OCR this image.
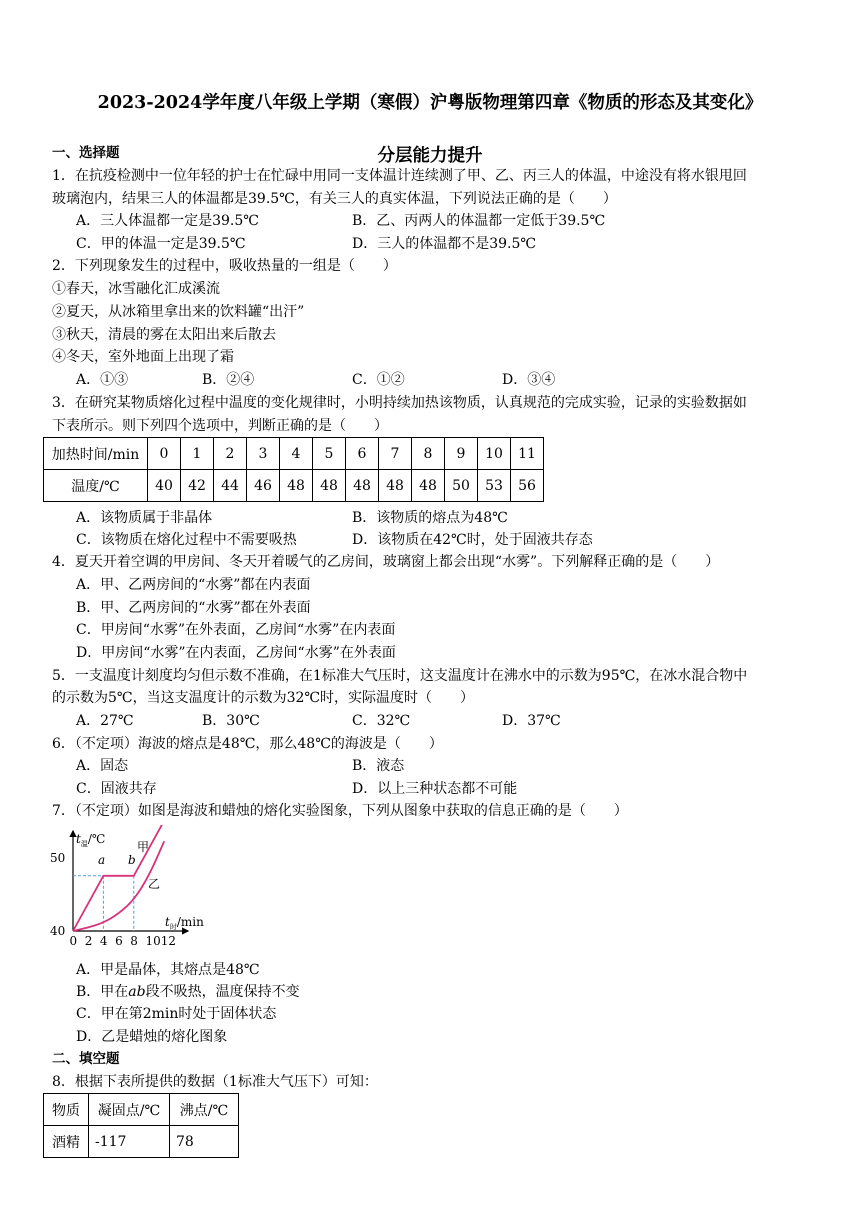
2023-2024学年度八年级上学期（寒假）沪粤版物理第四章《物质的形态及其变化》
分层能力提升
一、选择题
1．在抗疫检测中一位年轻的护士在忙碌中用同一支体温计连续测了甲、乙、丙三人的体温，中途没有将水银甩回
玻璃泡内，结果三人的体温都是39.5℃，有关三人的真实体温，下列说法正确的是（　　）
A．三人体温都一定是39.5℃	B．乙、丙两人的体温都一定低于39.5℃
C．甲的体温一定是39.5℃	D．三人的体温都不是39.5℃
2．下列现象发生的过程中，吸收热量的一组是（　　）
①春天，冰雪融化汇成溪流
②夏天，从冰箱里拿出来的饮料罐“出汗”
③秋天，清晨的雾在太阳出来后散去
④冬天，室外地面上出现了霜
A．①③	B．②④	C．①②	D．③④
3．在研究某物质熔化过程中温度的变化规律时，小明持续加热该物质，认真规范的完成实验，记录的实验数据如
下表所示。则下列四个选项中，判断正确的是（　　）
加热时间/min	0	1	2	3	4	5	6	7	8	9	10	11
温度/℃	40	42	44	46	48	48	48	48	48	50	53	56
A．该物质属于非晶体	B．该物质的熔点为48℃
C．该物质在熔化过程中不需要吸热	D．该物质在42℃时，处于固液共存态
4．夏天开着空调的甲房间、冬天开着暖气的乙房间，玻璃窗上都会出现“水雾”。下列解释正确的是（　　）
A．甲、乙两房间的“水雾”都在内表面
B．甲、乙两房间的“水雾”都在外表面
C．甲房间“水雾”在外表面，乙房间“水雾”在内表面
D．甲房间“水雾”在内表面，乙房间“水雾”在外表面
5．一支温度计刻度均匀但示数不准确，在1标准大气压时，这支温度计在沸水中的示数为95℃，在冰水混合物中
的示数为5℃，当这支温度计的示数为32℃时，实际温度时（　　）
A．27℃	B．30℃	C．32℃	D．37℃
6．（不定项）海波的熔点是48℃，那么48℃的海波是（　　）
A．固态	B．液态
C．固液共存	D．以上三种状态都不可能
7．（不定项）如图是海波和蜡烛的熔化实验图象，下列从图象中获取的信息正确的是（　　）
$t_温/℃$
$t_时/\min$
50
40
a b
甲
乙
0 2 4 6 8 10 12
A．甲是晶体，其熔点是48℃
B．甲在ab段不吸热，温度保持不变
C．甲在第2min时处于固体状态
D．乙是蜡烛的熔化图象
二、填空题
8．根据下表所提供的数据（1标准大气压下）可知：
物质	凝固点/℃	沸点/℃
酒精	-117	78
